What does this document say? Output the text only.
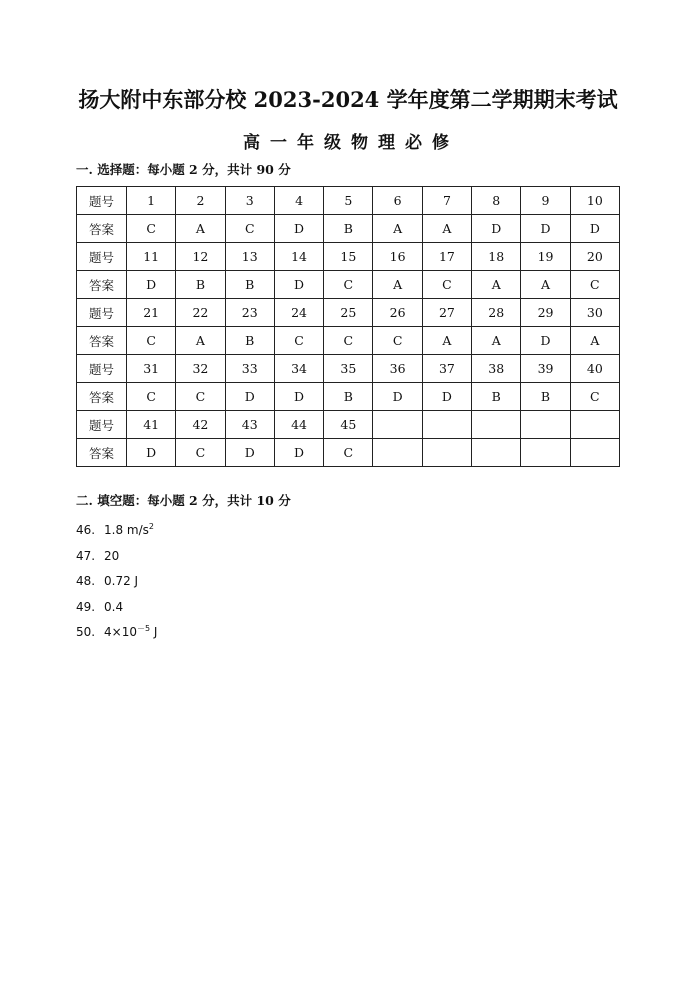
扬大附中东部分校 2023-2024 学年度第二学期期末考试
高一年级物理必修
一. 选择题：每小题 2 分，共计 90 分
题号	1	2	3	4	5	6	7	8	9	10
答案	C	A	C	D	B	A	A	D	D	D
题号	11	12	13	14	15	16	17	18	19	20
答案	D	B	B	D	C	A	C	A	A	C
题号	21	22	23	24	25	26	27	28	29	30
答案	C	A	B	C	C	C	A	A	D	A
题号	31	32	33	34	35	36	37	38	39	40
答案	C	C	D	D	B	D	D	B	B	C
题号	41	42	43	44	45					
答案	D	C	D	D	C					
二. 填空题：每小题 2 分，共计 10 分
46. 1.8 $m/s^2$
47. 20
48. 0.72 J
49. 0.4
50. $4\times 10^{-5}$ J
